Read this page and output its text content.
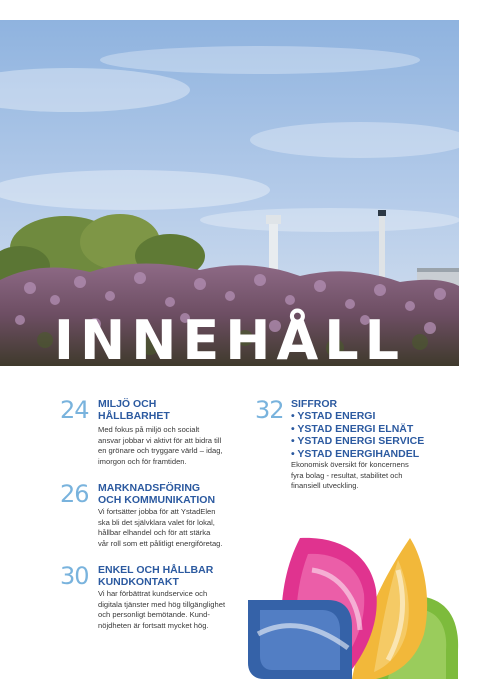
INNEHÅLL
24 MILJÖ OCH
HÅLLBARHET
Med fokus på miljö och socialt
ansvar jobbar vi aktivt för att bidra till
en grönare och tryggare värld – idag,
imorgon och för framtiden.
26 MARKNADSFÖRING
OCH KOMMUNIKATION
Vi fortsätter jobba för att YstadElen
ska bli det självklara valet för lokal,
hållbar elhandel och för att stärka
vår roll som ett pålitligt energiföretag.
30 ENKEL OCH HÅLLBAR
KUNDKONTAKT
Vi har förbättrat kundservice och
digitala tjänster med hög tillgänglighet
och personligt bemötande. Kund-
nöjdheten är fortsatt mycket hög.
32 SIFFROR
• YSTAD ENERGI
• YSTAD ENERGI ELNÄT
• YSTAD ENERGI SERVICE
• YSTAD ENERGIHANDEL
Ekonomisk översikt för koncernens
fyra bolag - resultat, stabilitet och
finansiell utveckling.
